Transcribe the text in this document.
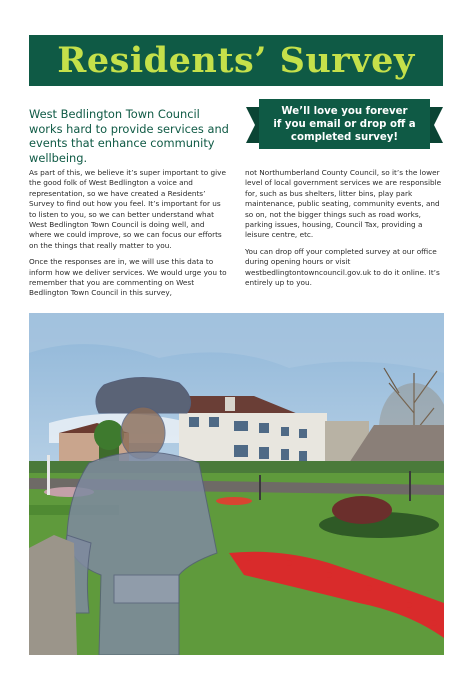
Residents’ Survey
West Bedlington Town Council works hard to provide services and events that enhance community wellbeing.
We’ll love you forever
if you email or drop off a
completed survey!

As part of this, we believe it’s super important to give the good folk of West Bedlington a voice and representation, so we have created a Residents’ Survey to find out how you feel. It’s important for us to listen to you, so we can better understand what West Bedlington Town Council is doing well, and where we could improve, so we can focus our efforts on the things that really matter to you.

Once the responses are in, we will use this data to inform how we deliver services. We would urge you to remember that you are commenting on West Bedlington Town Council in this survey,

not Northumberland County Council, so it’s the lower level of local government services we are responsible for, such as bus shelters, litter bins, play park maintenance, public seating, community events, and so on, not the bigger things such as road works, parking issues, housing, Council Tax, providing a leisure centre, etc.

You can drop off your completed survey at our office during opening hours or visit westbedlingtontowncouncil.gov.uk to do it online. It’s entirely up to you.
